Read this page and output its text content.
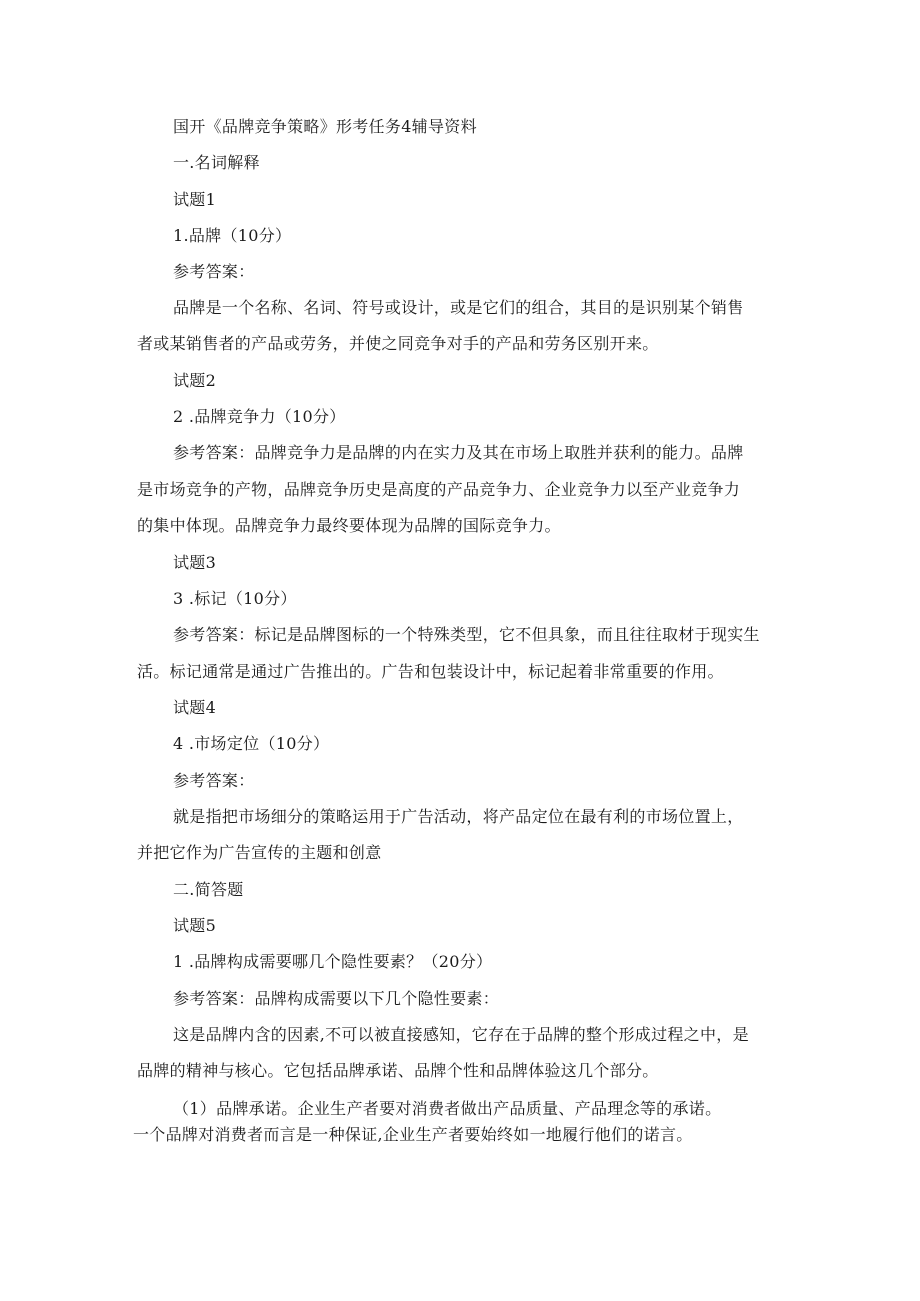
国开《品牌竞争策略》形考任务4辅导资料
一.名词解释
试题1
1.品牌（10分）
参考答案：
品牌是一个名称、名词、符号或设计，或是它们的组合，其目的是识别某个销售
者或某销售者的产品或劳务，并使之同竞争对手的产品和劳务区别开来。
试题2
2 .品牌竞争力（10分）
参考答案：品牌竞争力是品牌的内在实力及其在市场上取胜并获利的能力。品牌
是市场竞争的产物，品牌竞争历史是高度的产品竞争力、企业竞争力以至产业竞争力
的集中体现。品牌竞争力最终要体现为品牌的国际竞争力。
试题3
3 .标记（10分）
参考答案：标记是品牌图标的一个特殊类型，它不但具象，而且往往取材于现实生
活。标记通常是通过广告推出的。广告和包装设计中，标记起着非常重要的作用。
试题4
4 .市场定位（10分）
参考答案：
就是指把市场细分的策略运用于广告活动，将产品定位在最有利的市场位置上，
并把它作为广告宣传的主题和创意
二.简答题
试题5
1 .品牌构成需要哪几个隐性要素？（20分）
参考答案：品牌构成需要以下几个隐性要素：
这是品牌内含的因素,不可以被直接感知，它存在于品牌的整个形成过程之中，是
品牌的精神与核心。它包括品牌承诺、品牌个性和品牌体验这几个部分。
（1）品牌承诺。企业生产者要对消费者做出产品质量、产品理念等的承诺。
一个品牌对消费者而言是一种保证,企业生产者要始终如一地履行他们的诺言。
